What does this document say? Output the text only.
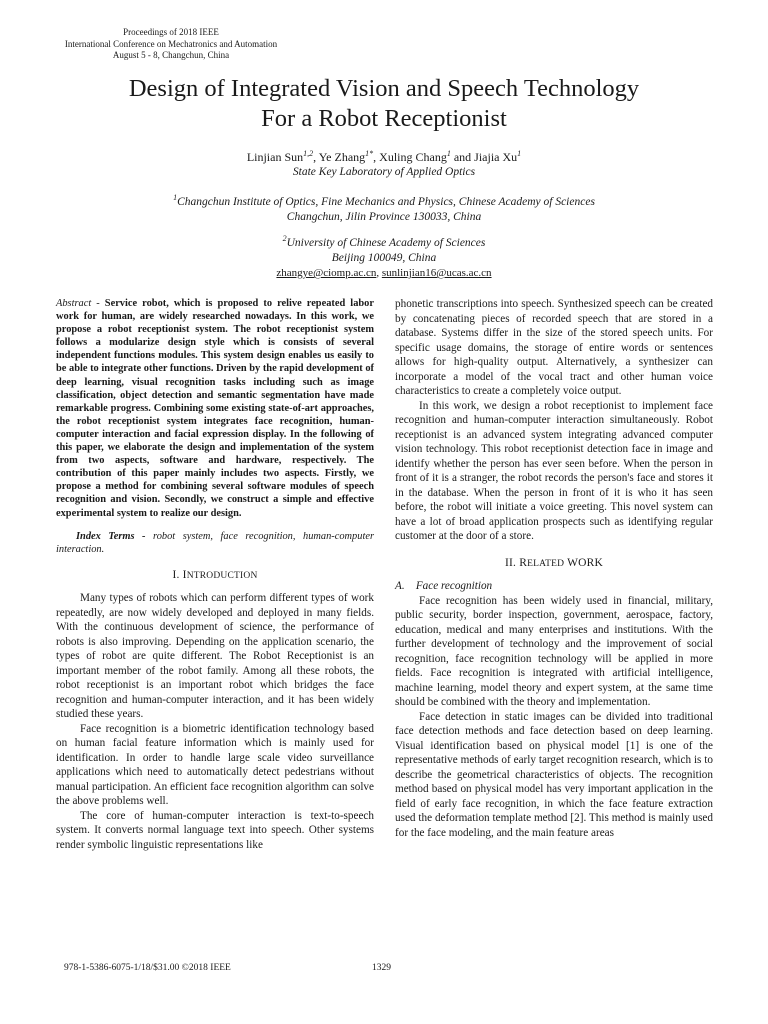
Proceedings of 2018 IEEE
International Conference on Mechatronics and Automation
August 5 - 8, Changchun, China
Design of Integrated Vision and Speech Technology
For a Robot Receptionist
Linjian Sun$^{1,2}$, Ye Zhang$^{1*}$, Xuling Chang$^1$ and Jiajia Xu$^1$
State Key Laboratory of Applied Optics
$^1$Changchun Institute of Optics, Fine Mechanics and Physics, Chinese Academy of Sciences
Changchun, Jilin Province 130033, China
$^2$University of Chinese Academy of Sciences
Beijing 100049, China
zhangye@ciomp.ac.cn, sunlinjian16@ucas.ac.cn

Abstract - Service robot, which is proposed to relive repeated labor work for human, are widely researched nowadays. In this work, we propose a robot receptionist system. The robot receptionist system follows a modularize design style which is consists of several independent functions modules. This system design enables us easily to be able to integrate other functions. Driven by the rapid development of deep learning, visual recognition tasks including such as image classification, object detection and semantic segmentation have made remarkable progress. Combining some existing state-of-art approaches, the robot receptionist system integrates face recognition, human-computer interaction and facial expression display. In the following of this paper, we elaborate the design and implementation of the system from two aspects, software and hardware, respectively. The contribution of this paper mainly includes two aspects. Firstly, we propose a method for combining several software modules of speech recognition and vision. Secondly, we construct a simple and effective experimental system to realize our design.

Index Terms - robot system, face recognition, human-computer interaction.

I. INTRODUCTION

Many types of robots which can perform different types of work repeatedly, are now widely developed and deployed in many fields. With the continuous development of science, the performance of robots is also improving. Depending on the application scenario, the types of robot are quite different. The Robot Receptionist is an important member of the robot family. Among all these robots, the robot receptionist is an important robot which bridges the face recognition and human-computer interaction, and it has been widely studied these years.

Face recognition is a biometric identification technology based on human facial feature information which is mainly used for identification. In order to handle large scale video surveillance applications which need to automatically detect pedestrians without manual participation. An efficient face recognition algorithm can solve the above problems well.

The core of human-computer interaction is text-to-speech system. It converts normal language text into speech. Other systems render symbolic linguistic representations like

phonetic transcriptions into speech. Synthesized speech can be created by concatenating pieces of recorded speech that are stored in a database. Systems differ in the size of the stored speech units. For specific usage domains, the storage of entire words or sentences allows for high-quality output. Alternatively, a synthesizer can incorporate a model of the vocal tract and other human voice characteristics to create a completely voice output.

In this work, we design a robot receptionist to implement face recognition and human-computer interaction simultaneously. Robot receptionist is an advanced system integrating advanced computer vision technology. This robot receptionist detection face in image and identify whether the person has ever seen before. When the person in front of it is a stranger, the robot records the person's face and stores it in the database. When the person in front of it is who it has seen before, the robot will initiate a voice greeting. This novel system can have a lot of broad application prospects such as identifying regular customer at the door of a store.

II. RELATED WORK

A. Face recognition

Face recognition has been widely used in financial, military, public security, border inspection, government, aerospace, factory, education, medical and many enterprises and institutions. With the further development of technology and the improvement of social recognition, face recognition technology will be applied in more fields. Face recognition is integrated with artificial intelligence, machine learning, model theory and expert system, at the same time should be combined with the theory and implementation.

Face detection in static images can be divided into traditional face detection methods and face detection based on deep learning. Visual identification based on physical model [1] is one of the representative methods of early target recognition research, which is to describe the geometrical characteristics of objects. The recognition method based on physical model has very important application in the field of early face recognition, in which the face feature extraction used the deformation template method [2]. This method is mainly used for the face modeling, and the main feature areas

978-1-5386-6075-1/18/$31.00 ©2018 IEEE	1329
